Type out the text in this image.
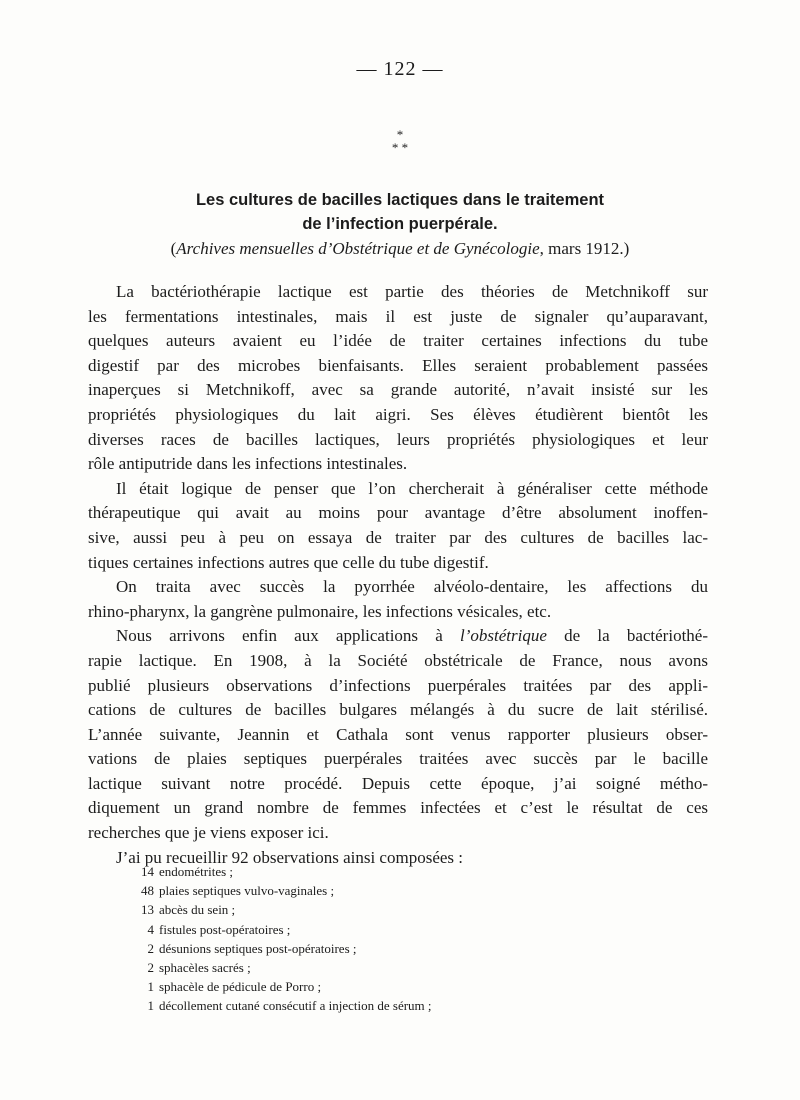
— 122 —
*
* *
Les cultures de bacilles lactiques dans le traitement
de l’infection puerpérale.
(Archives mensuelles d’Obstétrique et de Gynécologie, mars 1912.)

La bactériothérapie lactique est partie des théories de Metchnikoff sur
les fermentations intestinales, mais il est juste de signaler qu’auparavant,
quelques auteurs avaient eu l’idée de traiter certaines infections du tube
digestif par des microbes bienfaisants. Elles seraient probablement passées
inaperçues si Metchnikoff, avec sa grande autorité, n’avait insisté sur les
propriétés physiologiques du lait aigri. Ses élèves étudièrent bientôt les
diverses races de bacilles lactiques, leurs propriétés physiologiques et leur
rôle antiputride dans les infections intestinales.

Il était logique de penser que l’on chercherait à généraliser cette méthode
thérapeutique qui avait au moins pour avantage d’être absolument inoffen-
sive, aussi peu à peu on essaya de traiter par des cultures de bacilles lac-
tiques certaines infections autres que celle du tube digestif.

On traita avec succès la pyorrhée alvéolo-dentaire, les affections du
rhino-pharynx, la gangrène pulmonaire, les infections vésicales, etc.

Nous arrivons enfin aux applications à l’obstétrique de la bactériothé-
rapie lactique. En 1908, à la Société obstétricale de France, nous avons
publié plusieurs observations d’infections puerpérales traitées par des appli-
cations de cultures de bacilles bulgares mélangés à du sucre de lait stérilisé.
L’année suivante, Jeannin et Cathala sont venus rapporter plusieurs obser-
vations de plaies septiques puerpérales traitées avec succès par le bacille
lactique suivant notre procédé. Depuis cette époque, j’ai soigné métho-
diquement un grand nombre de femmes infectées et c’est le résultat de ces
recherches que je viens exposer ici.

J’ai pu recueillir 92 observations ainsi composées :

14 endométrites ;
48 plaies septiques vulvo-vaginales ;
13 abcès du sein ;
4 fistules post-opératoires ;
2 désunions septiques post-opératoires ;
2 sphacèles sacrés ;
1 sphacèle de pédicule de Porro ;
1 décollement cutané consécutif a injection de sérum ;
